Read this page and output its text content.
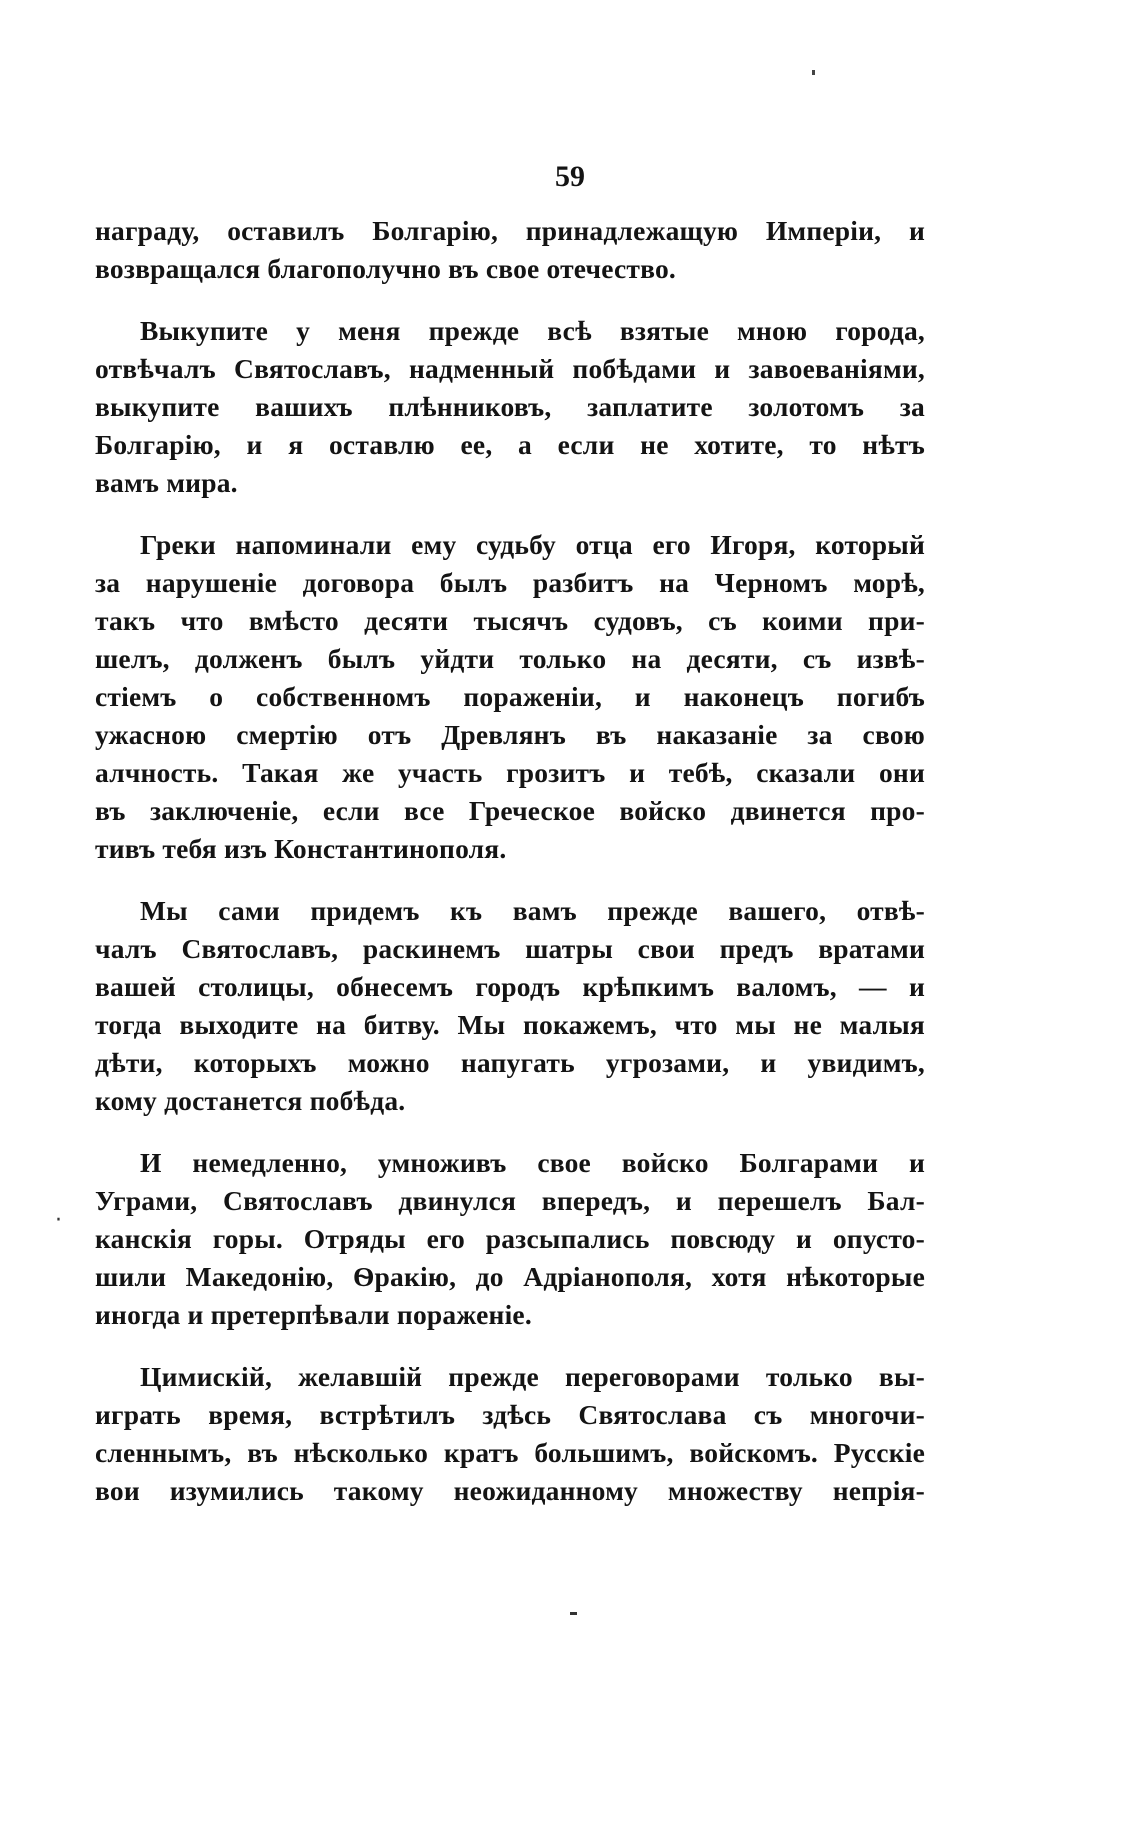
59
награду, оставилъ Болгарію, принадлежащую Имперіи, и
возвращался благополучно въ свое отечество.
Выкупите у меня прежде всѣ взятые мною города,
отвѣчалъ Святославъ, надменный побѣдами и завоеваніями,
выкупите вашихъ плѣнниковъ, заплатите золотомъ за
Болгарію, и я оставлю ее, а если не хотите, то нѣтъ
вамъ мира.
Греки напоминали ему судьбу отца его Игоря, который
за нарушеніе договора былъ разбитъ на Черномъ морѣ,
такъ что вмѣсто десяти тысячъ судовъ, съ коими при-
шелъ, долженъ былъ уйдти только на десяти, съ извѣ-
стіемъ о собственномъ пораженіи, и наконецъ погибъ
ужасною смертію отъ Древлянъ въ наказаніе за свою
алчность. Такая же участь грозитъ и тебѣ, сказали они
въ заключеніе, если все Греческое войско двинется про-
тивъ тебя изъ Константинополя.
Мы сами придемъ къ вамъ прежде вашего, отвѣ-
чалъ Святославъ, раскинемъ шатры свои предъ вратами
вашей столицы, обнесемъ городъ крѣпкимъ валомъ, — и
тогда выходите на битву. Мы покажемъ, что мы не малыя
дѣти, которыхъ можно напугать угрозами, и увидимъ,
кому достанется побѣда.
И немедленно, умноживъ свое войско Болгарами и
Уграми, Святославъ двинулся впередъ, и перешелъ Бал-
канскія горы. Отряды его разсыпались повсюду и опусто-
шили Македонію, Ѳракію, до Адріанополя, хотя нѣкоторые
иногда и претерпѣвали пораженіе.
Цимискій, желавшій прежде переговорами только вы-
играть время, встрѣтилъ здѣсь Святослава съ многочи-
сленнымъ, въ нѣсколько кратъ большимъ, войскомъ. Русскіе
вои изумились такому неожиданному множеству непрія-
·
